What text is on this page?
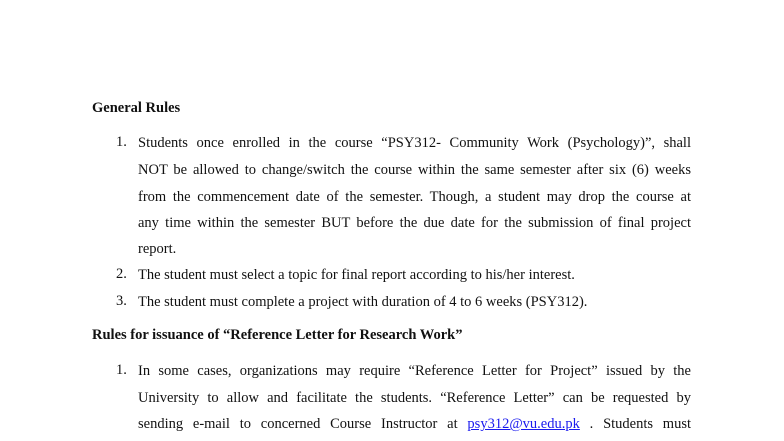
General Rules
1. Students once enrolled in the course “PSY312- Community Work (Psychology)”, shall
NOT be allowed to change/switch the course within the same semester after six (6) weeks
from the commencement date of the semester. Though, a student may drop the course at
any time within the semester BUT before the due date for the submission of final project
report.
2. The student must select a topic for final report according to his/her interest.
3. The student must complete a project with duration of 4 to 6 weeks (PSY312).
Rules for issuance of “Reference Letter for Research Work”
1. In some cases, organizations may require “Reference Letter for Project” issued by the
University to allow and facilitate the students. “Reference Letter” can be requested by
sending e-mail to concerned Course Instructor at psy312@vu.edu.pk . Students must
